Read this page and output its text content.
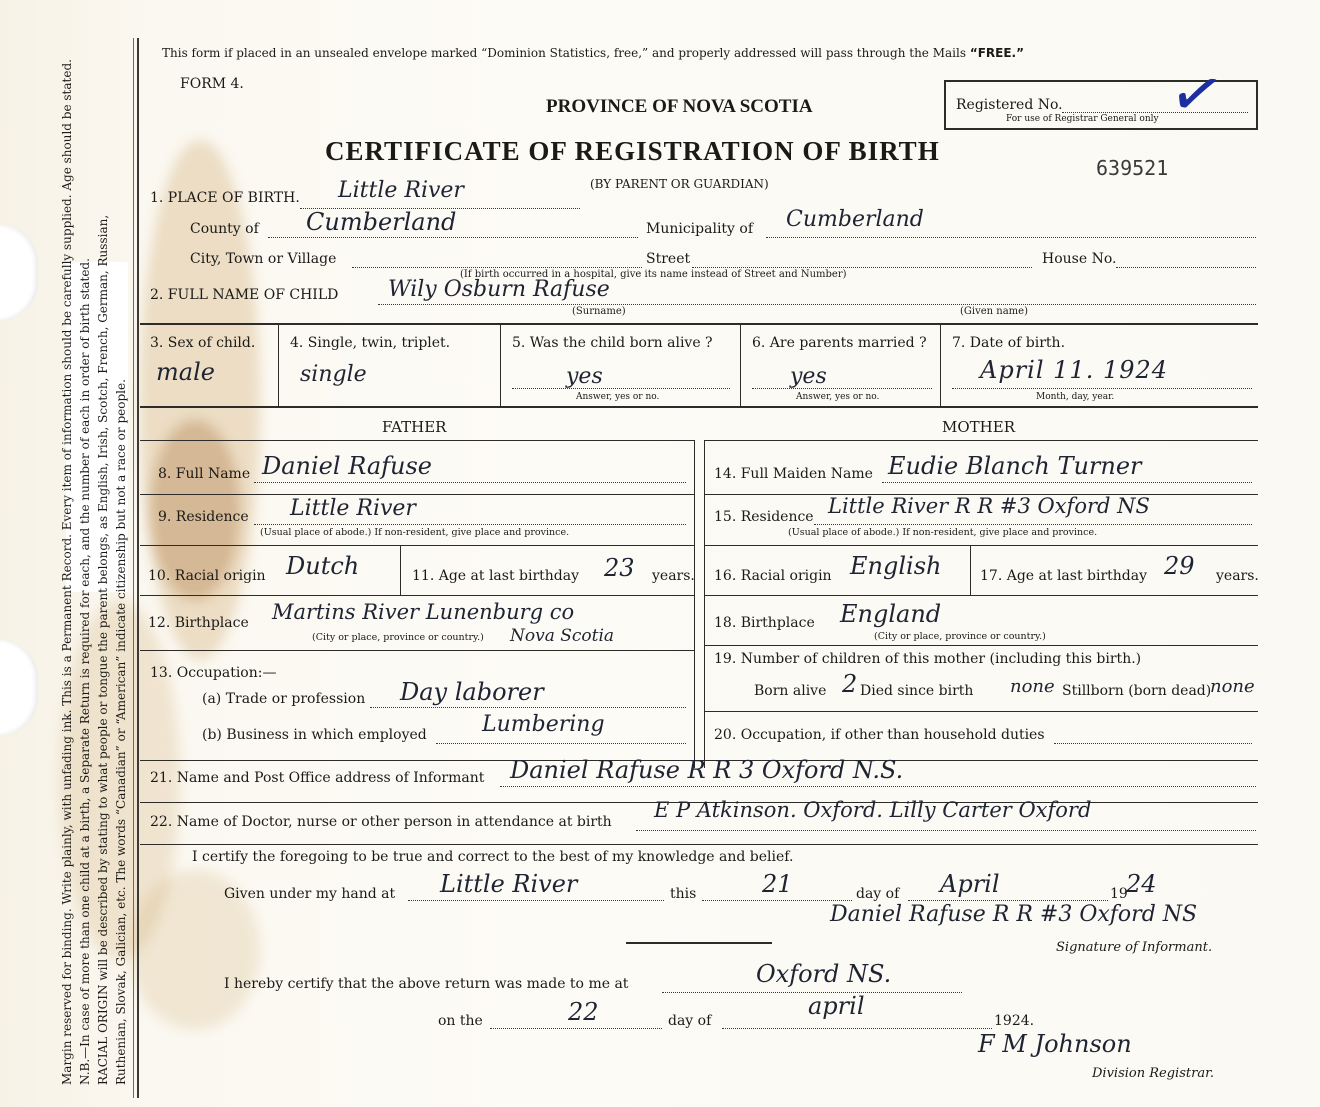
Margin reserved for binding. Write plainly, with unfading ink. This is a Permanent Record. Every item of information should be carefully supplied. Age should be stated. N.B.—In case of more than one child at a birth, a Separate Return is required for each, and the number of each in order of birth stated. RACIAL ORIGIN will be described by stating to what people or tongue the parent belongs, as English, Irish, Scotch, French, German, Russian, Ruthenian, Slovak, Galician, etc. The words “Canadian” or “American” indicate citizenship but not a race or people.
This form if placed in an unsealed envelope marked “Dominion Statistics, free,” and properly addressed will pass through the Mails “FREE.”
FORM 4.
PROVINCE OF NOVA SCOTIA	Registered No.
For use of Registrar General only ✓
CERTIFICATE OF REGISTRATION OF BIRTH
(BY PARENT OR GUARDIAN)
639521
1. PLACE OF BIRTH. Little River
County of Cumberland	Municipality of Cumberland
City, Town or Village	Street	House No.
(If birth occurred in a hospital, give its name instead of Street and Number)
2. FULL NAME OF CHILD Wily Osburn Rafuse
(Surname)	(Given name)
3. Sex of child.
male
4. Single, twin, triplet.
single
5. Was the child born alive ?
yes
Answer, yes or no.
6. Are parents married ?
yes
Answer, yes or no.
7. Date of birth.
April 11. 1924
Month, day, year.
FATHER	MOTHER
8. Full Name Daniel Rafuse
9. Residence Little River
(Usual place of abode.) If non-resident, give place and province.
10. Racial origin Dutch	11. Age at last birthday 23 years.
12. Birthplace Martins River Lunenburg co
(City or place, province or country.) Nova Scotia
13. Occupation:—
(a) Trade or profession Day laborer
(b) Business in which employed	Lumbering
14. Full Maiden Name Eudie Blanch Turner
15. Residence Little River R R #3 Oxford NS
(Usual place of abode.) If non-resident, give place and province.
16. Racial origin English	17. Age at last birthday 29 years.
18. Birthplace England
(City or place, province or country.)
19. Number of children of this mother (including this birth.)
Born alive 2 Died since birth none Stillborn (born dead)
none
20. Occupation, if other than household duties
21. Name and Post Office address of Informant Daniel Rafuse R R 3 Oxford N.S.
22. Name of Doctor, nurse or other person in attendance at birth E P Atkinson. Oxford. Lilly Carter Oxford
I certify the foregoing to be true and correct to the best of my knowledge and belief.
Given under my hand at Little River	this	21	day of April	19
24
Daniel Rafuse R R #3 Oxford NS
Signature of Informant.
I hereby certify that the above return was made to me at	Oxford NS.
on the	22	day of
april
1924.
F M Johnson
Division Registrar.
